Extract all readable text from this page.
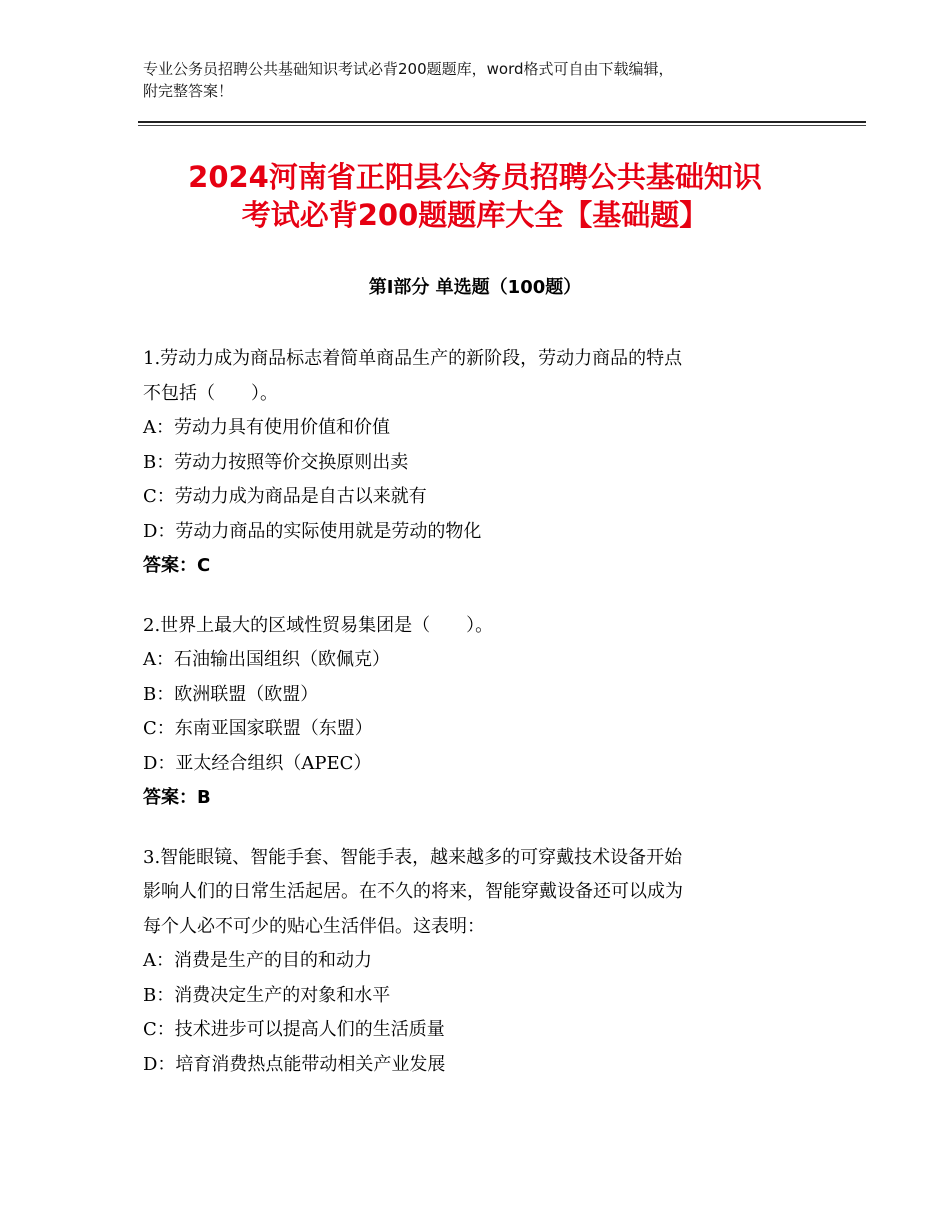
专业公务员招聘公共基础知识考试必背200题题库，word格式可自由下载编辑，
附完整答案！
2024河南省正阳县公务员招聘公共基础知识
考试必背200题题库大全【基础题】
第Ⅰ部分 单选题（100题）
1.劳动力成为商品标志着简单商品生产的新阶段，劳动力商品的特点
不包括（　　）。
A：劳动力具有使用价值和价值
B：劳动力按照等价交换原则出卖
C：劳动力成为商品是自古以来就有
D：劳动力商品的实际使用就是劳动的物化
答案：C
2.世界上最大的区域性贸易集团是（　　）。
A：石油输出国组织（欧佩克）
B：欧洲联盟（欧盟）
C：东南亚国家联盟（东盟）
D：亚太经合组织（APEC）
答案：B
3.智能眼镜、智能手套、智能手表，越来越多的可穿戴技术设备开始
影响人们的日常生活起居。在不久的将来，智能穿戴设备还可以成为
每个人必不可少的贴心生活伴侣。这表明：
A：消费是生产的目的和动力
B：消费决定生产的对象和水平
C：技术进步可以提高人们的生活质量
D：培育消费热点能带动相关产业发展
